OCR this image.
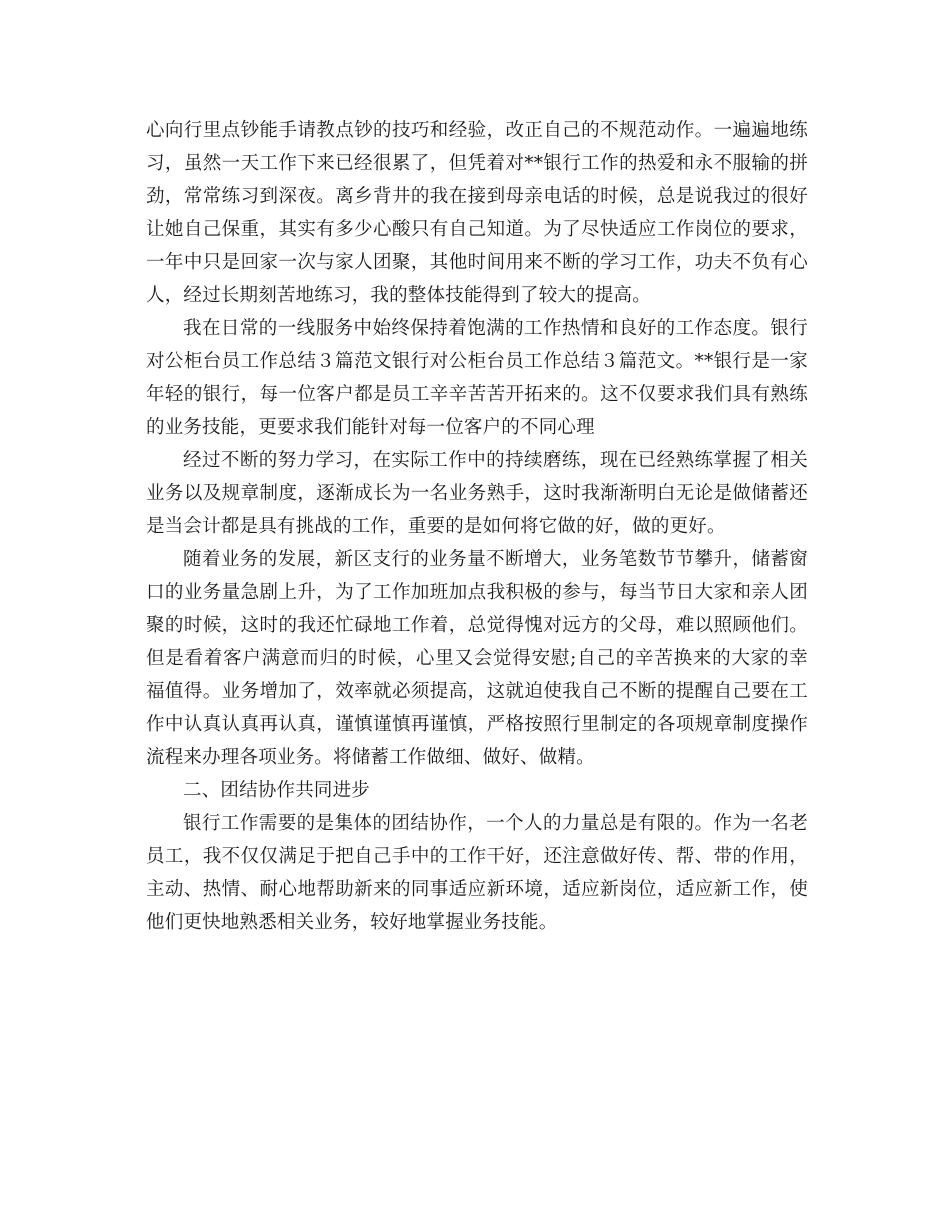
心向行里点钞能手请教点钞的技巧和经验，改正自己的不规范动作。一遍遍地练
习，虽然一天工作下来已经很累了，但凭着对**银行工作的热爱和永不服输的拼
劲，常常练习到深夜。离乡背井的我在接到母亲电话的时候，总是说我过的很好
让她自己保重，其实有多少心酸只有自己知道。为了尽快适应工作岗位的要求，
一年中只是回家一次与家人团聚，其他时间用来不断的学习工作，功夫不负有心
人，经过长期刻苦地练习，我的整体技能得到了较大的提高。
我在日常的一线服务中始终保持着饱满的工作热情和良好的工作态度。银行
对公柜台员工作总结３篇范文银行对公柜台员工作总结３篇范文。**银行是一家
年轻的银行，每一位客户都是员工辛辛苦苦开拓来的。这不仅要求我们具有熟练
的业务技能，更要求我们能针对每一位客户的不同心理
经过不断的努力学习，在实际工作中的持续磨练，现在已经熟练掌握了相关
业务以及规章制度，逐渐成长为一名业务熟手，这时我渐渐明白无论是做储蓄还
是当会计都是具有挑战的工作，重要的是如何将它做的好，做的更好。
随着业务的发展，新区支行的业务量不断增大，业务笔数节节攀升，储蓄窗
口的业务量急剧上升，为了工作加班加点我积极的参与，每当节日大家和亲人团
聚的时候，这时的我还忙碌地工作着，总觉得愧对远方的父母，难以照顾他们。
但是看着客户满意而归的时候，心里又会觉得安慰;自己的辛苦换来的大家的幸
福值得。业务增加了，效率就必须提高，这就迫使我自己不断的提醒自己要在工
作中认真认真再认真，谨慎谨慎再谨慎，严格按照行里制定的各项规章制度操作
流程来办理各项业务。将储蓄工作做细、做好、做精。
二、团结协作共同进步
银行工作需要的是集体的团结协作，一个人的力量总是有限的。作为一名老
员工，我不仅仅满足于把自己手中的工作干好，还注意做好传、帮、带的作用，
主动、热情、耐心地帮助新来的同事适应新环境，适应新岗位，适应新工作，使
他们更快地熟悉相关业务，较好地掌握业务技能。
